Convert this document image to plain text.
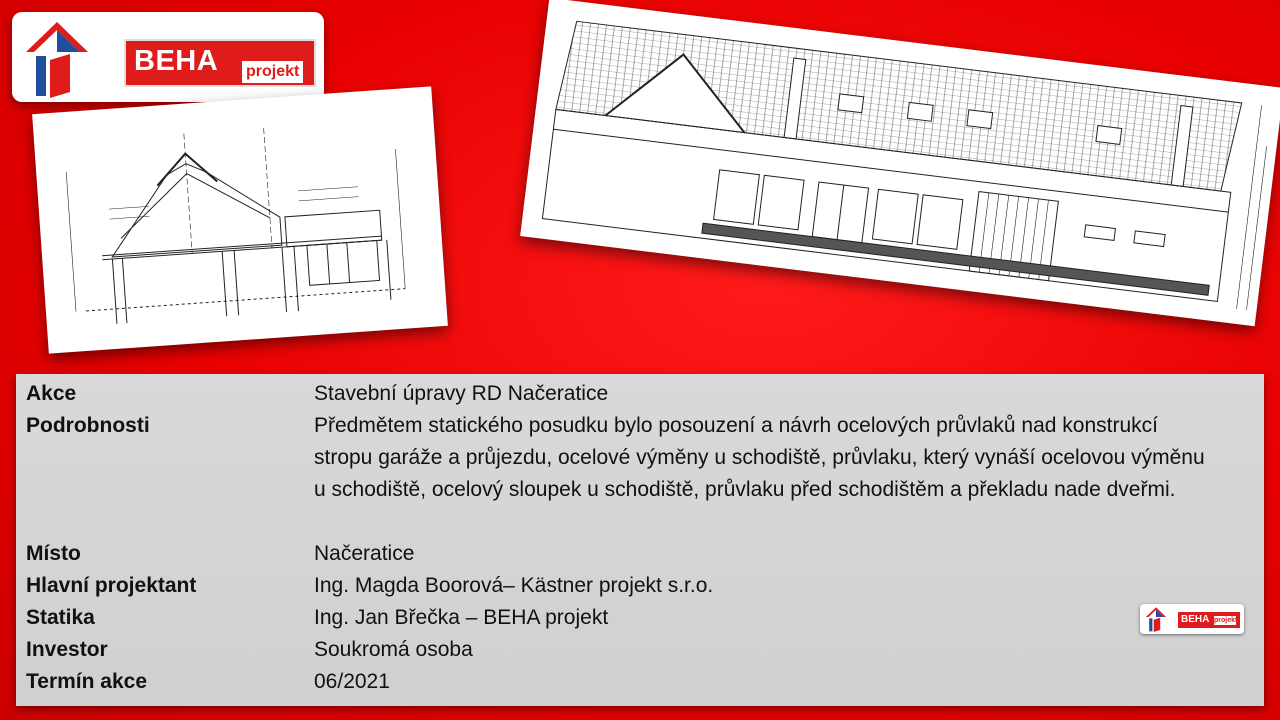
BEHA projekt
Akce	Stavební úpravy RD Načeratice
Podrobnosti	Předmětem statického posudku bylo posouzení a návrh ocelových průvlaků nad konstrukcí stropu garáže a průjezdu, ocelové výměny u schodiště, průvlaku, který vynáší ocelovou výměnu u schodiště, ocelový sloupek u schodiště, průvlaku před schodištěm a překladu nade dveřmi.
Místo	Načeratice
Hlavní projektant	Ing. Magda Boorová– Kästner projekt s.r.o.
Statika	Ing. Jan Břečka – BEHA projekt
Investor	Soukromá osoba
Termín akce	06/2021
BEHA projekt
